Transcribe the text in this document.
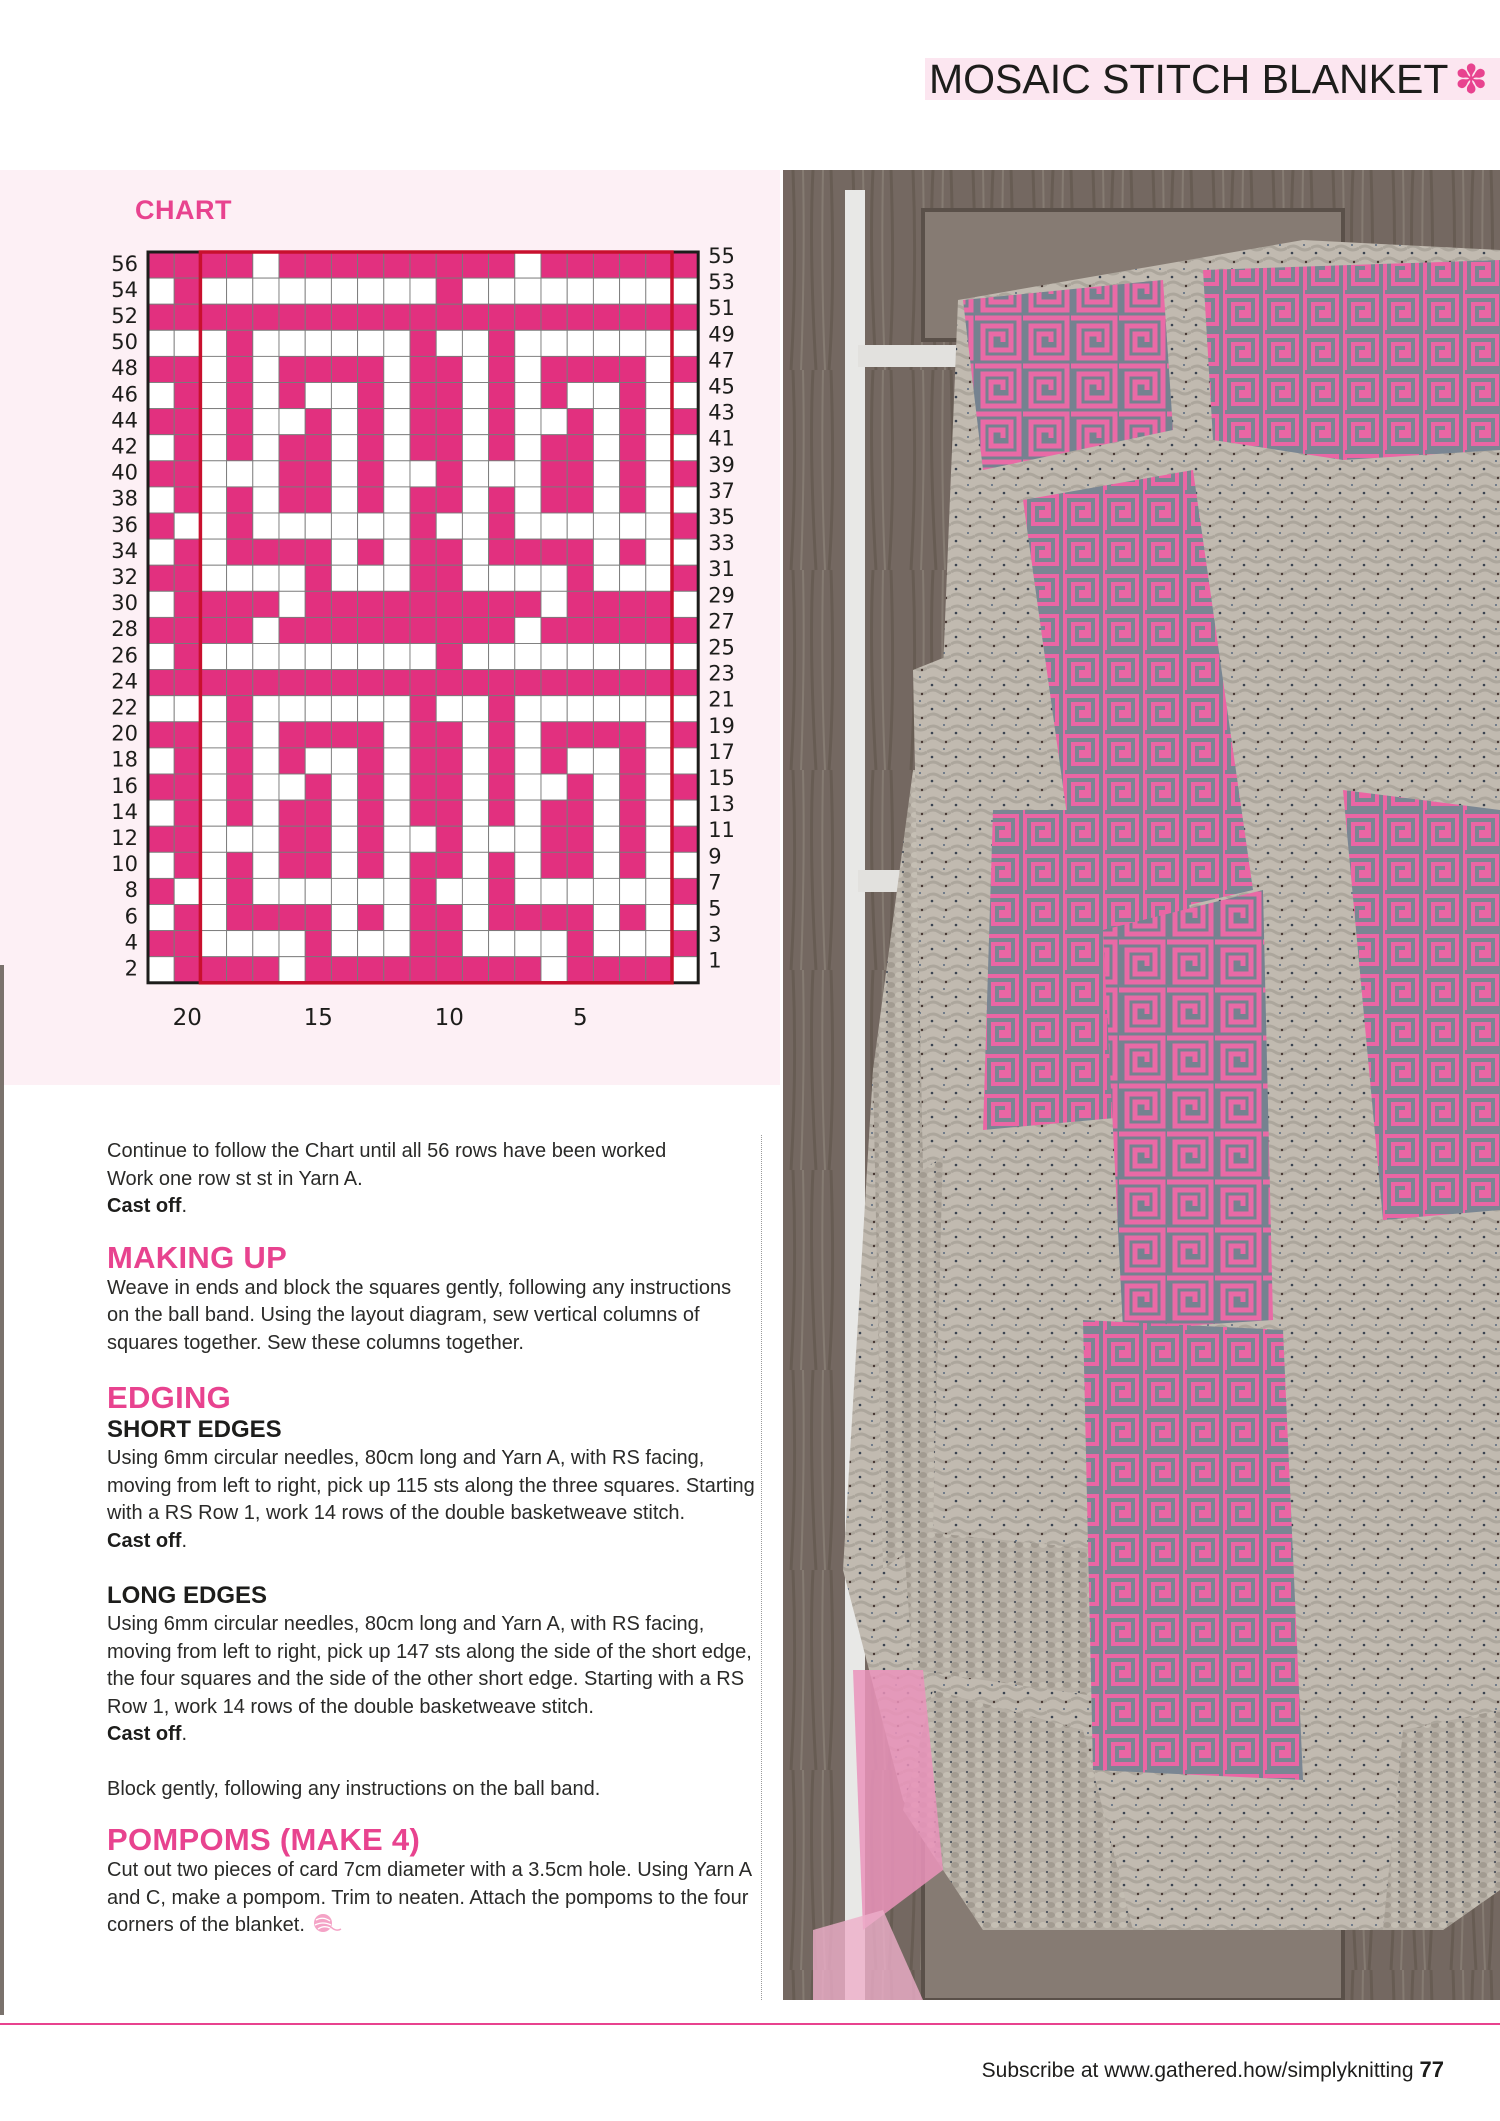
MOSAIC STITCH BLANKET ✽
CHART
56
54
52
50
48
46
44
42
40
38
36
34
32
30
28
26
24
22
20
18
16
14
12
10
8
6
4
2
55
53
51
49
47
45
43
41
39
37
35
33
31
29
27
25
23
21
19
17
15
13
11
9
7
5
3
1
20	15	10	5

Continue to follow the Chart until all 56 rows have been worked

Work one row st st in Yarn A.

Cast off.

MAKING UP

Weave in ends and block the squares gently, following any instructions on the ball band. Using the layout diagram, sew vertical columns of squares together. Sew these columns together.

EDGING
SHORT EDGES

Using 6mm circular needles, 80cm long and Yarn A, with RS facing, moving from left to right, pick up 115 sts along the three squares. Starting with a RS Row 1, work 14 rows of the double basketweave stitch.

Cast off.

LONG EDGES

Using 6mm circular needles, 80cm long and Yarn A, with RS facing, moving from left to right, pick up 147 sts along the side of the short edge, the four squares and the side of the other short edge. Starting with a RS Row 1, work 14 rows of the double basketweave stitch.

Cast off.

Block gently, following any instructions on the ball band.

POMPOMS (MAKE 4)

Cut out two pieces of card 7cm diameter with a 3.5cm hole. Using Yarn A and C, make a pompom. Trim to neaten. Attach the pompoms to the four corners of the blanket.

Subscribe at www.gathered.how/simplyknitting 77
